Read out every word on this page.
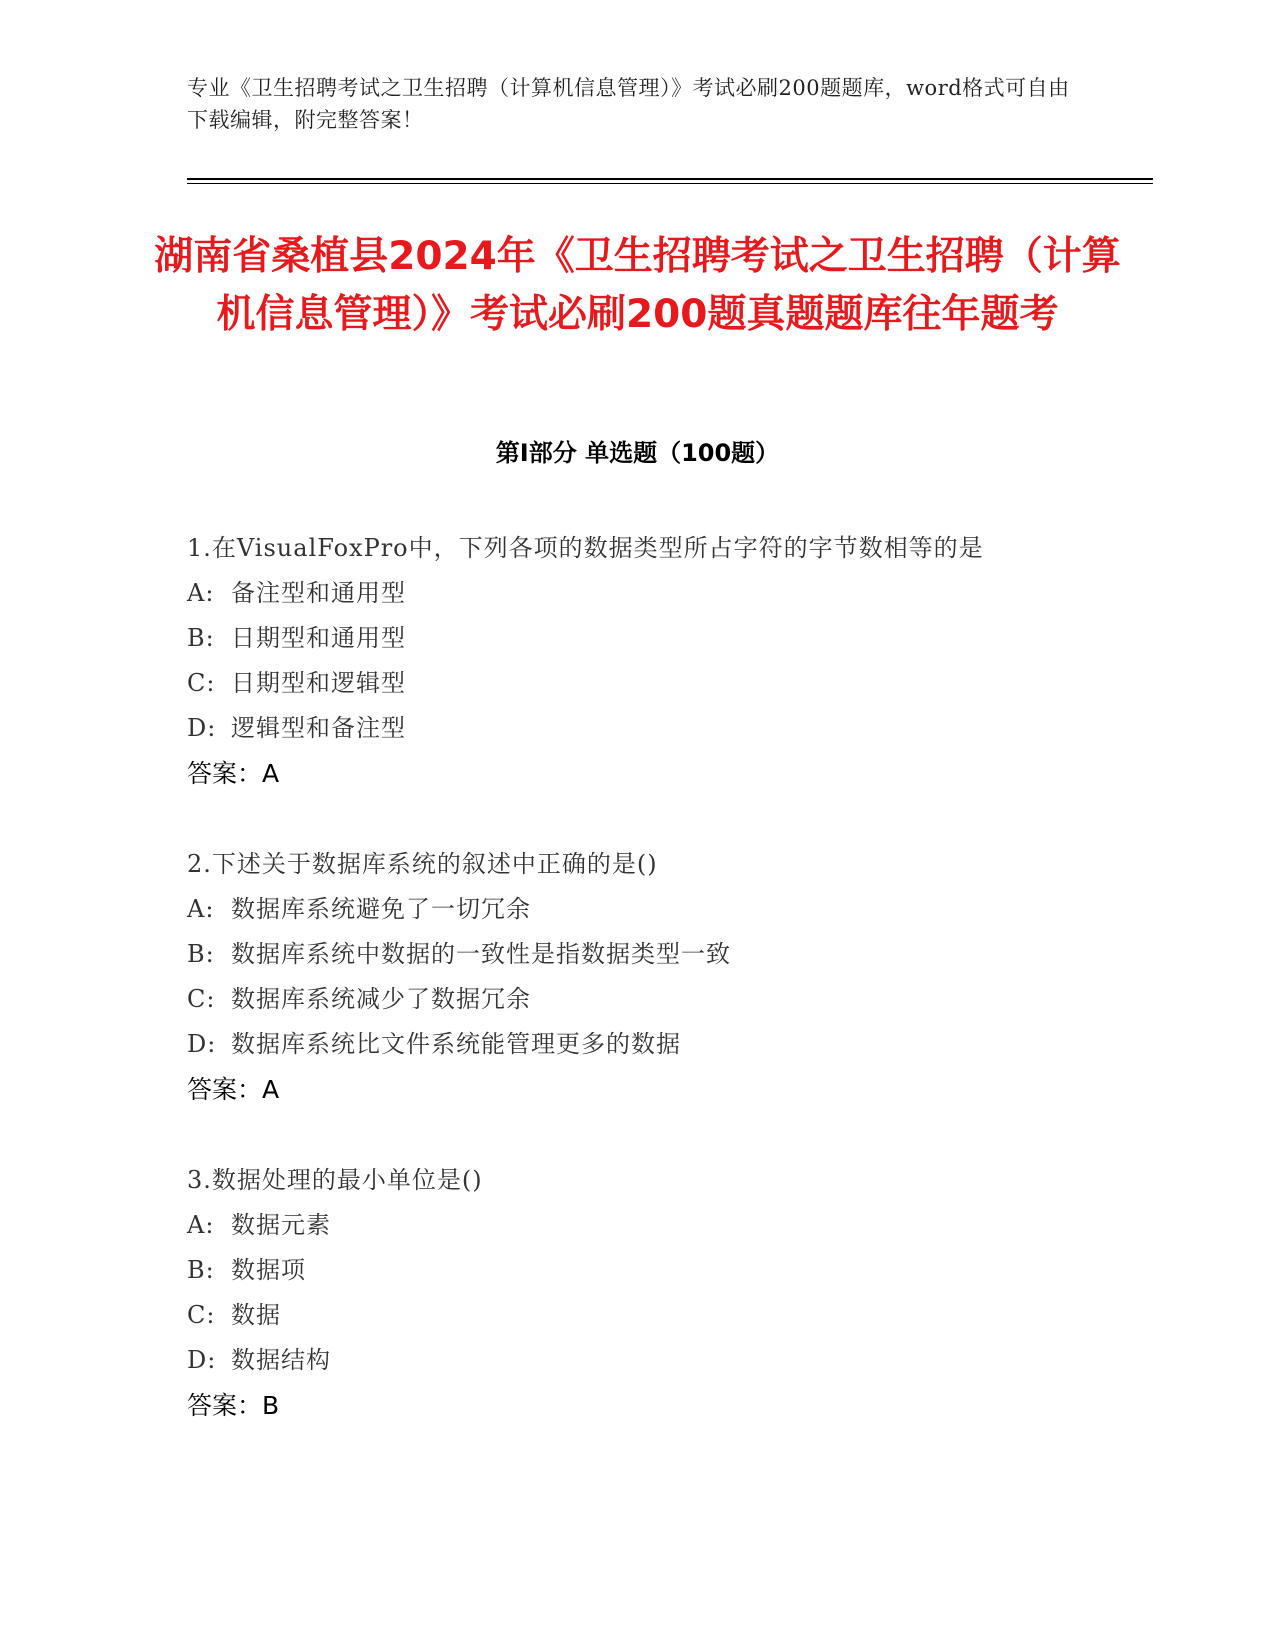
专业《卫生招聘考试之卫生招聘（计算机信息管理）》考试必刷200题题库，word格式可自由下载编辑，附完整答案！
湖南省桑植县2024年《卫生招聘考试之卫生招聘（计算机信息管理）》考试必刷200题真题题库往年题考
第Ⅰ部分 单选题（100题）
1.在VisualFoxPro中，下列各项的数据类型所占字符的字节数相等的是
A: 备注型和通用型
B: 日期型和通用型
C: 日期型和逻辑型
D: 逻辑型和备注型
答案：A
2.下述关于数据库系统的叙述中正确的是()
A: 数据库系统避免了一切冗余
B: 数据库系统中数据的一致性是指数据类型一致
C: 数据库系统减少了数据冗余
D: 数据库系统比文件系统能管理更多的数据
答案：A
3.数据处理的最小单位是()
A: 数据元素
B: 数据项
C: 数据
D: 数据结构
答案：B
